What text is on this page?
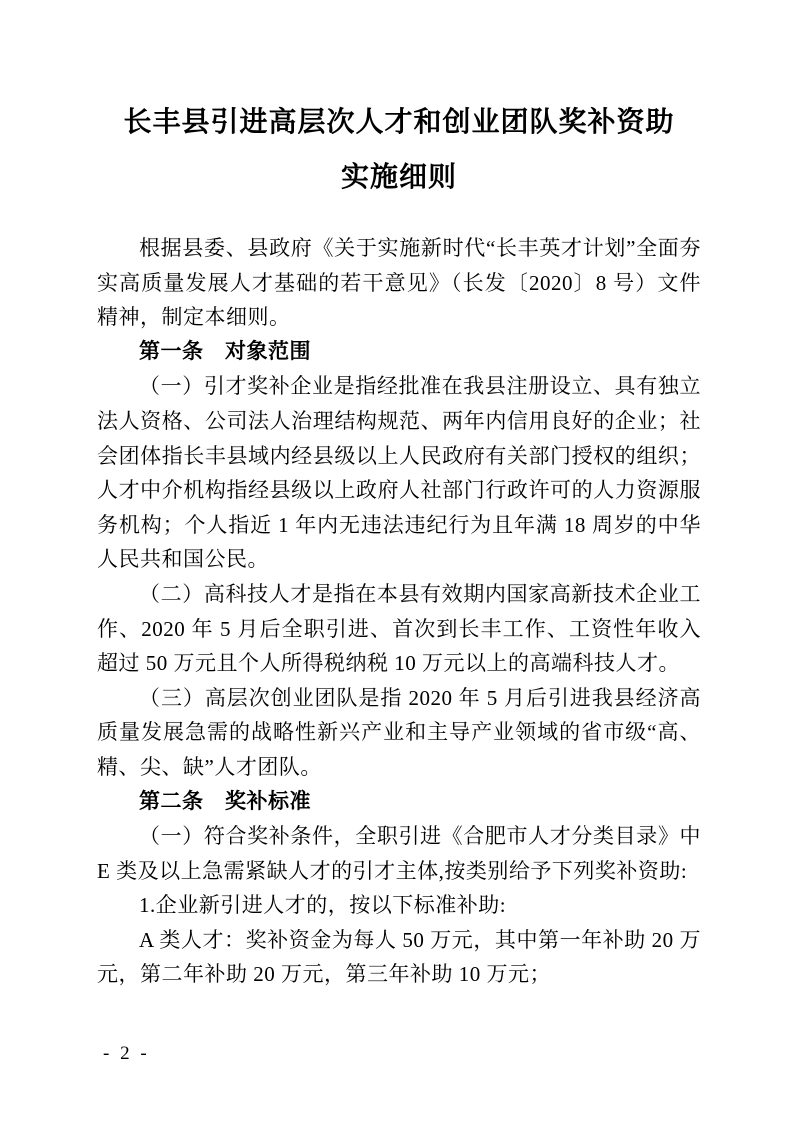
长丰县引进高层次人才和创业团队奖补资助
实施细则

根据县委、县政府《关于实施新时代“长丰英才计划”全面夯实高质量发展人才基础的若干意见》（长发〔2020〕8 号）文件精神，制定本细则。

第一条　对象范围

（一）引才奖补企业是指经批准在我县注册设立、具有独立法人资格、公司法人治理结构规范、两年内信用良好的企业；社会团体指长丰县域内经县级以上人民政府有关部门授权的组织；人才中介机构指经县级以上政府人社部门行政许可的人力资源服务机构；个人指近 1 年内无违法违纪行为且年满 18 周岁的中华人民共和国公民。

（二）高科技人才是指在本县有效期内国家高新技术企业工作、2020 年 5 月后全职引进、首次到长丰工作、工资性年收入超过 50 万元且个人所得税纳税 10 万元以上的高端科技人才。

（三）高层次创业团队是指 2020 年 5 月后引进我县经济高质量发展急需的战略性新兴产业和主导产业领域的省市级“高、精、尖、缺”人才团队。

第二条　奖补标准

（一）符合奖补条件，全职引进《合肥市人才分类目录》中 E 类及以上急需紧缺人才的引才主体,按类别给予下列奖补资助:

1.企业新引进人才的，按以下标准补助:

A 类人才：奖补资金为每人 50 万元，其中第一年补助 20 万元，第二年补助 20 万元，第三年补助 10 万元；

- 2 -
